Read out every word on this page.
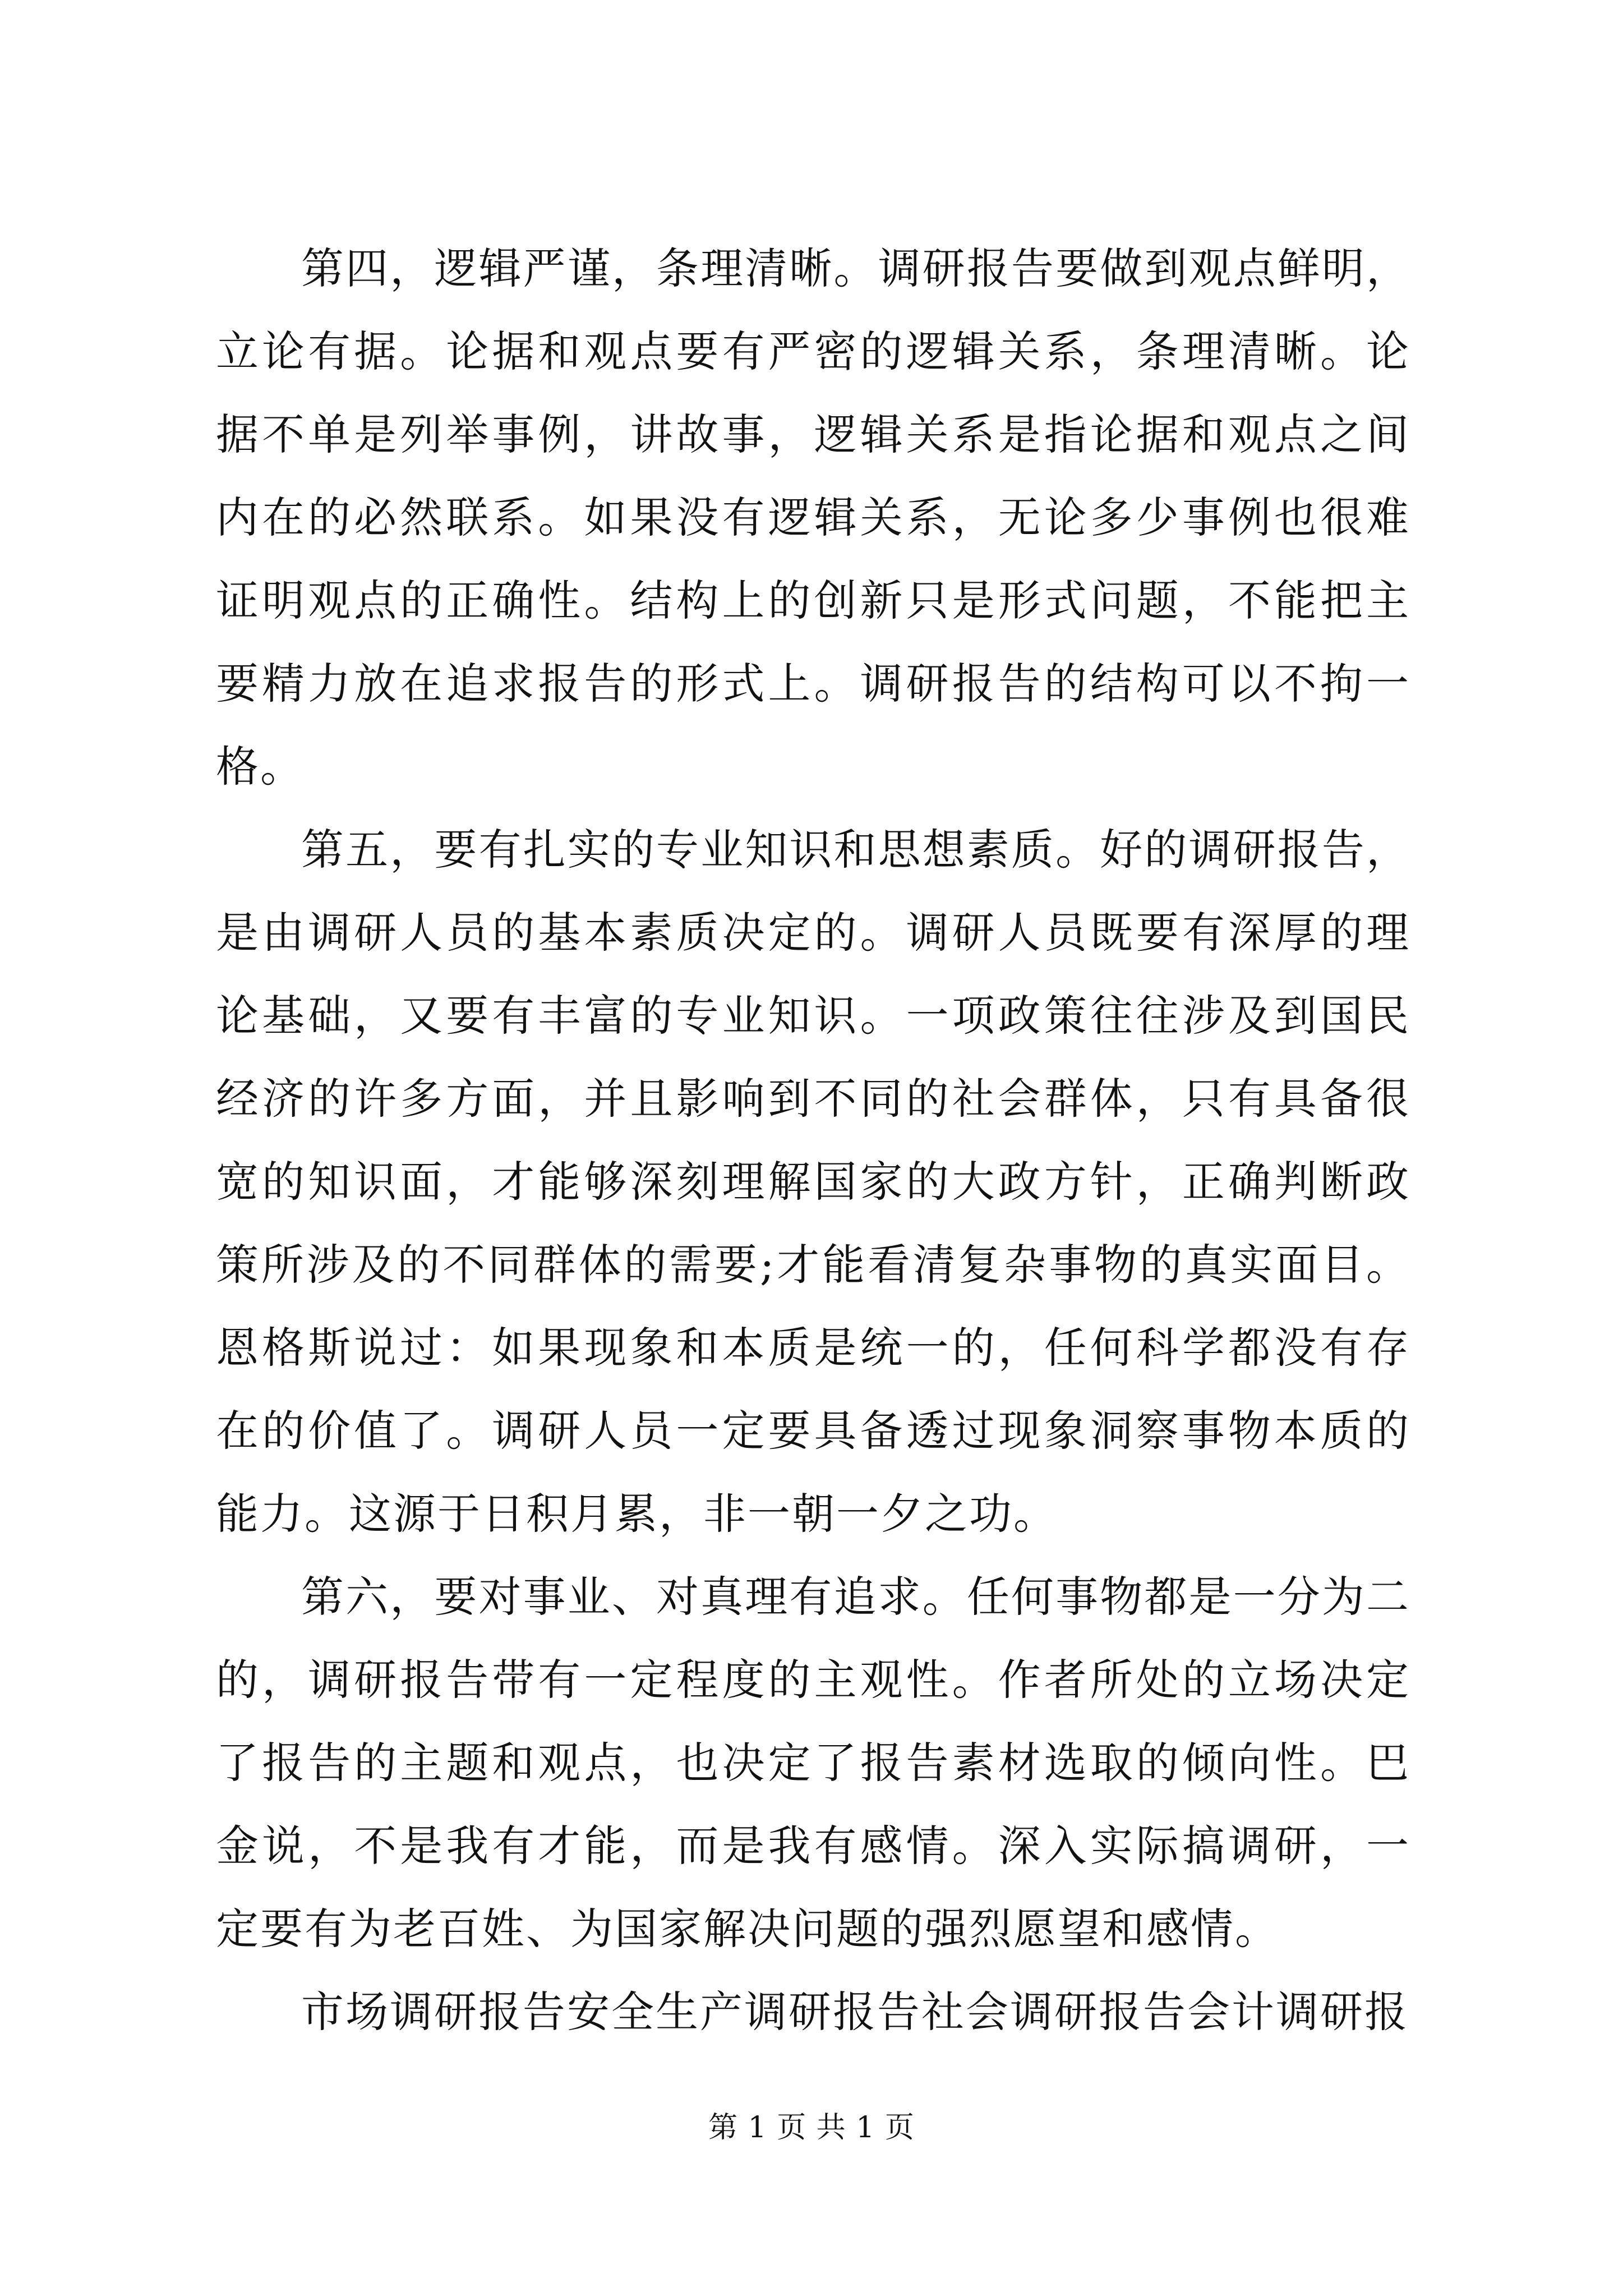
第四，逻辑严谨，条理清晰。调研报告要做到观点鲜明，立论有据。论据和观点要有严密的逻辑关系，条理清晰。论据不单是列举事例，讲故事，逻辑关系是指论据和观点之间内在的必然联系。如果没有逻辑关系，无论多少事例也很难证明观点的正确性。结构上的创新只是形式问题，不能把主要精力放在追求报告的形式上。调研报告的结构可以不拘一格。

第五，要有扎实的专业知识和思想素质。好的调研报告，是由调研人员的基本素质决定的。调研人员既要有深厚的理论基础，又要有丰富的专业知识。一项政策往往涉及到国民经济的许多方面，并且影响到不同的社会群体，只有具备很宽的知识面，才能够深刻理解国家的大政方针，正确判断政策所涉及的不同群体的需要;才能看清复杂事物的真实面目。恩格斯说过：如果现象和本质是统一的，任何科学都没有存在的价值了。调研人员一定要具备透过现象洞察事物本质的能力。这源于日积月累，非一朝一夕之功。

第六，要对事业、对真理有追求。任何事物都是一分为二的，调研报告带有一定程度的主观性。作者所处的立场决定了报告的主题和观点，也决定了报告素材选取的倾向性。巴金说，不是我有才能，而是我有感情。深入实际搞调研，一定要有为老百姓、为国家解决问题的强烈愿望和感情。

市场调研报告安全生产调研报告社会调研报告会计调研报

第 1 页 共 1 页
